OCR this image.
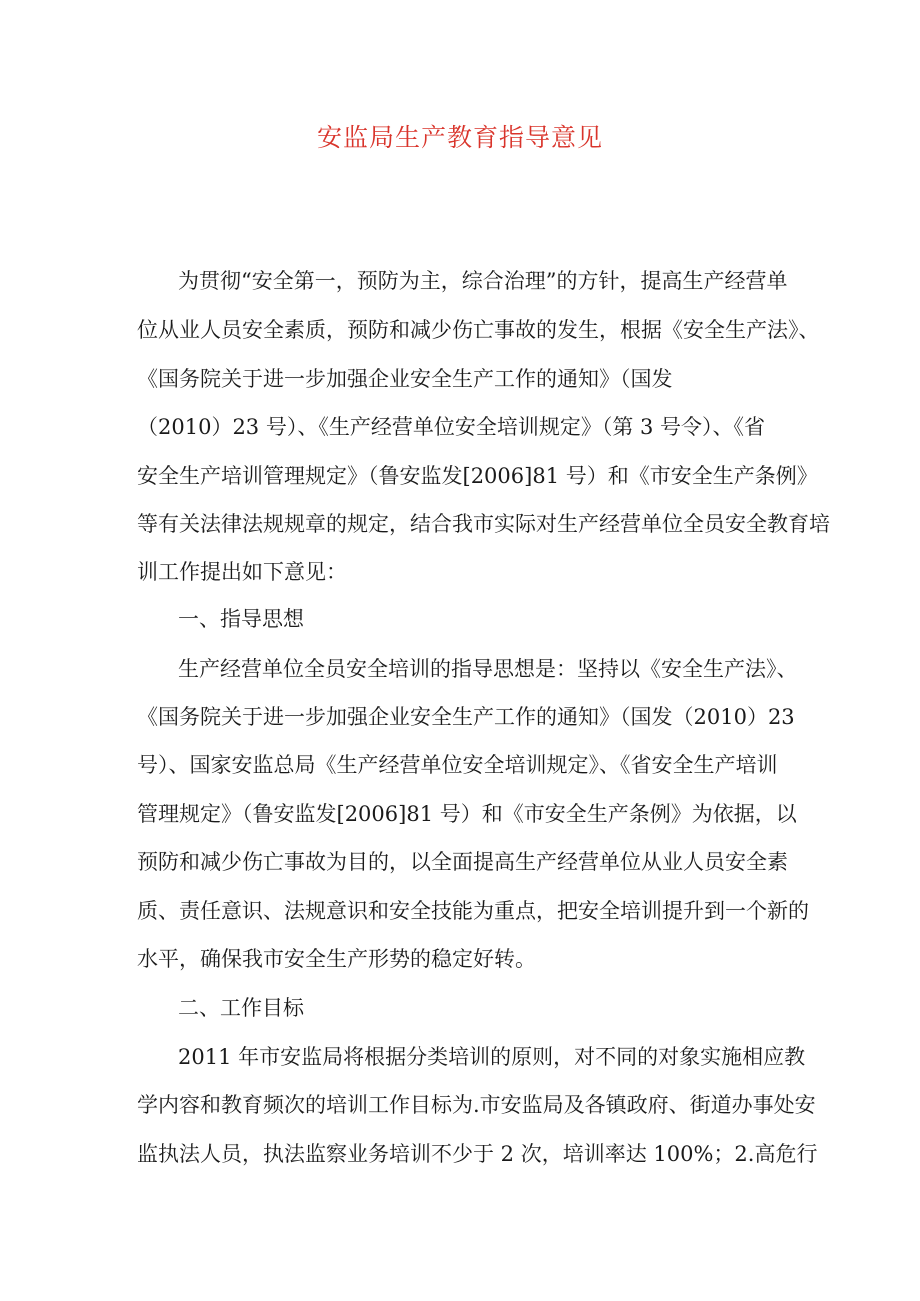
安监局生产教育指导意见
为贯彻“安全第一，预防为主，综合治理”的方针，提高生产经营单
位从业人员安全素质，预防和减少伤亡事故的发生，根据《安全生产法》、
《国务院关于进一步加强企业安全生产工作的通知》（国发
（2010）23 号）、《生产经营单位安全培训规定》（第 3 号令）、《省
安全生产培训管理规定》（鲁安监发[2006]81 号）和《市安全生产条例》
等有关法律法规规章的规定，结合我市实际对生产经营单位全员安全教育培
训工作提出如下意见：
一、指导思想
生产经营单位全员安全培训的指导思想是：坚持以《安全生产法》、
《国务院关于进一步加强企业安全生产工作的通知》（国发（2010）23
号）、国家安监总局《生产经营单位安全培训规定》、《省安全生产培训
管理规定》（鲁安监发[2006]81 号）和《市安全生产条例》为依据，以
预防和减少伤亡事故为目的，以全面提高生产经营单位从业人员安全素
质、责任意识、法规意识和安全技能为重点，把安全培训提升到一个新的
水平，确保我市安全生产形势的稳定好转。
二、工作目标
2011 年市安监局将根据分类培训的原则，对不同的对象实施相应教
学内容和教育频次的培训工作目标为.市安监局及各镇政府、街道办事处安
监执法人员，执法监察业务培训不少于 2 次，培训率达 100%；2.高危行
